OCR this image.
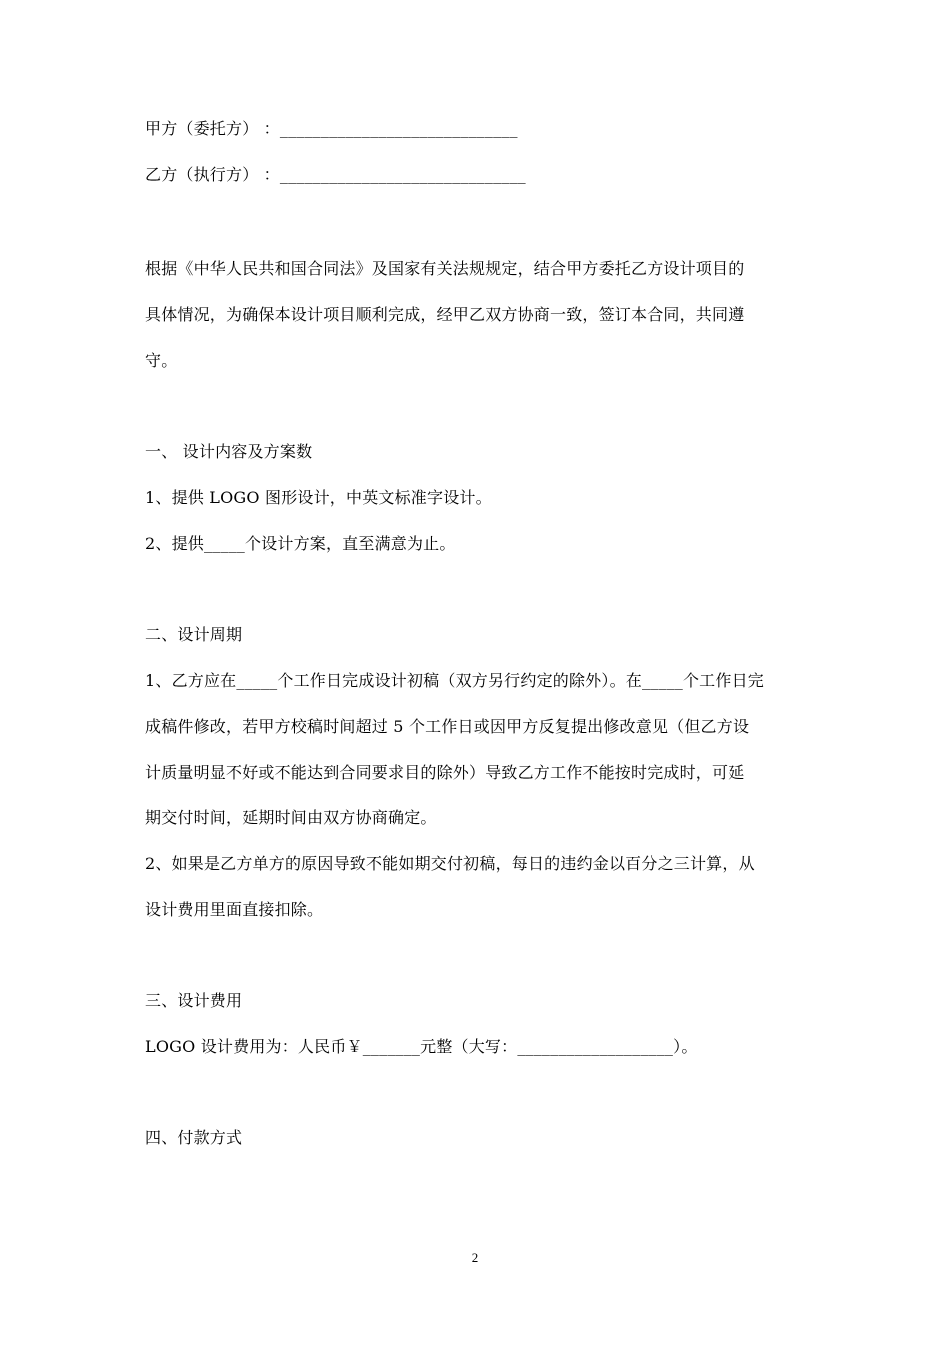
甲方（委托方） ：_____________________________
乙方（执行方） ：______________________________
根据《中华人民共和国合同法》及国家有关法规规定，结合甲方委托乙方设计项目的
具体情况，为确保本设计项目顺利完成，经甲乙双方协商一致，签订本合同，共同遵
守。
一、 设计内容及方案数
1、提供 LOGO 图形设计，中英文标准字设计。
2、提供_____个设计方案，直至满意为止。
二、设计周期
1、乙方应在_____个工作日完成设计初稿（双方另行约定的除外）。在_____个工作日完
成稿件修改，若甲方校稿时间超过 5 个工作日或因甲方反复提出修改意见（但乙方设
计质量明显不好或不能达到合同要求目的除外）导致乙方工作不能按时完成时，可延
期交付时间，延期时间由双方协商确定。
2、如果是乙方单方的原因导致不能如期交付初稿，每日的违约金以百分之三计算，从
设计费用里面直接扣除。
三、设计费用
LOGO 设计费用为：人民币￥_______元整（大写：___________________）。
四、付款方式
2
